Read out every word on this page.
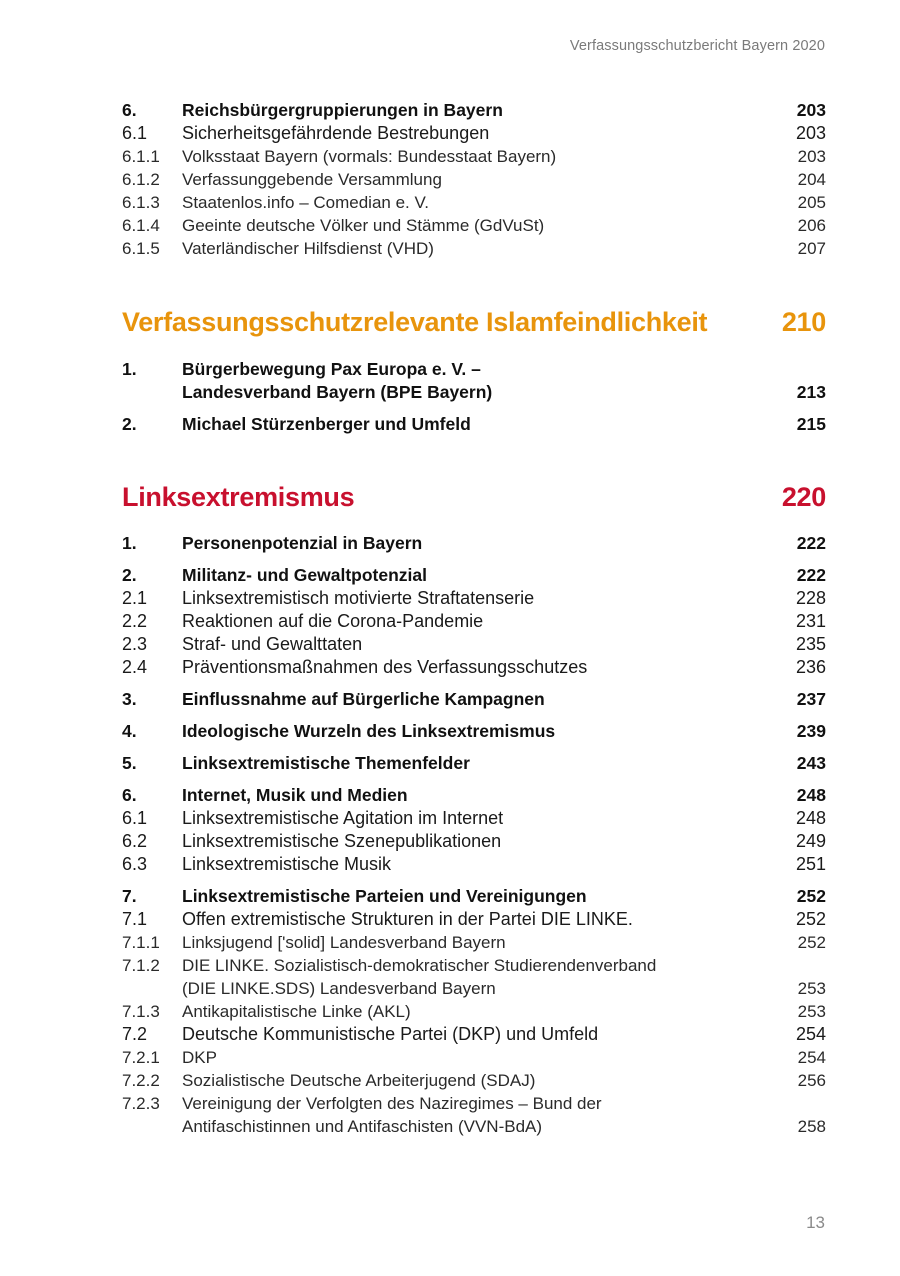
Verfassungsschutzbericht Bayern 2020
6.	Reichsbürgergruppierungen in Bayern	203
6.1	Sicherheitsgefährdende Bestrebungen	203
6.1.1	Volksstaat Bayern (vormals: Bundesstaat Bayern)	203
6.1.2	Verfassunggebende Versammlung	204
6.1.3	Staatenlos.info – Comedian e. V.	205
6.1.4	Geeinte deutsche Völker und Stämme (GdVuSt)	206
6.1.5	Vaterländischer Hilfsdienst (VHD)	207
Verfassungsschutzrelevante Islamfeindlichkeit	210
1.	Bürgerbewegung Pax Europa e. V. –
Landesverband Bayern (BPE Bayern)	213
2.	Michael Stürzenberger und Umfeld	215
Linksextremismus	220
1.	Personenpotenzial in Bayern	222
2.	Militanz- und Gewaltpotenzial	222
2.1	Linksextremistisch motivierte Straftatenserie	228
2.2	Reaktionen auf die Corona-Pandemie	231
2.3	Straf- und Gewalttaten	235
2.4	Präventionsmaßnahmen des Verfassungsschutzes	236
3.	Einflussnahme auf Bürgerliche Kampagnen	237
4.	Ideologische Wurzeln des Linksextremismus	239
5.	Linksextremistische Themenfelder	243
6.	Internet, Musik und Medien	248
6.1	Linksextremistische Agitation im Internet	248
6.2	Linksextremistische Szenepublikationen	249
6.3	Linksextremistische Musik	251
7.	Linksextremistische Parteien und Vereinigungen	252
7.1	Offen extremistische Strukturen in der Partei DIE LINKE.	252
7.1.1	Linksjugend ['solid] Landesverband Bayern	252
7.1.2	DIE LINKE. Sozialistisch-demokratischer Studierendenverband
(DIE LINKE.SDS) Landesverband Bayern	253
7.1.3	Antikapitalistische Linke (AKL)	253
7.2	Deutsche Kommunistische Partei (DKP) und Umfeld	254
7.2.1	DKP	254
7.2.2	Sozialistische Deutsche Arbeiterjugend (SDAJ)	256
7.2.3	Vereinigung der Verfolgten des Naziregimes – Bund der
Antifaschistinnen und Antifaschisten (VVN-BdA)	258
13
